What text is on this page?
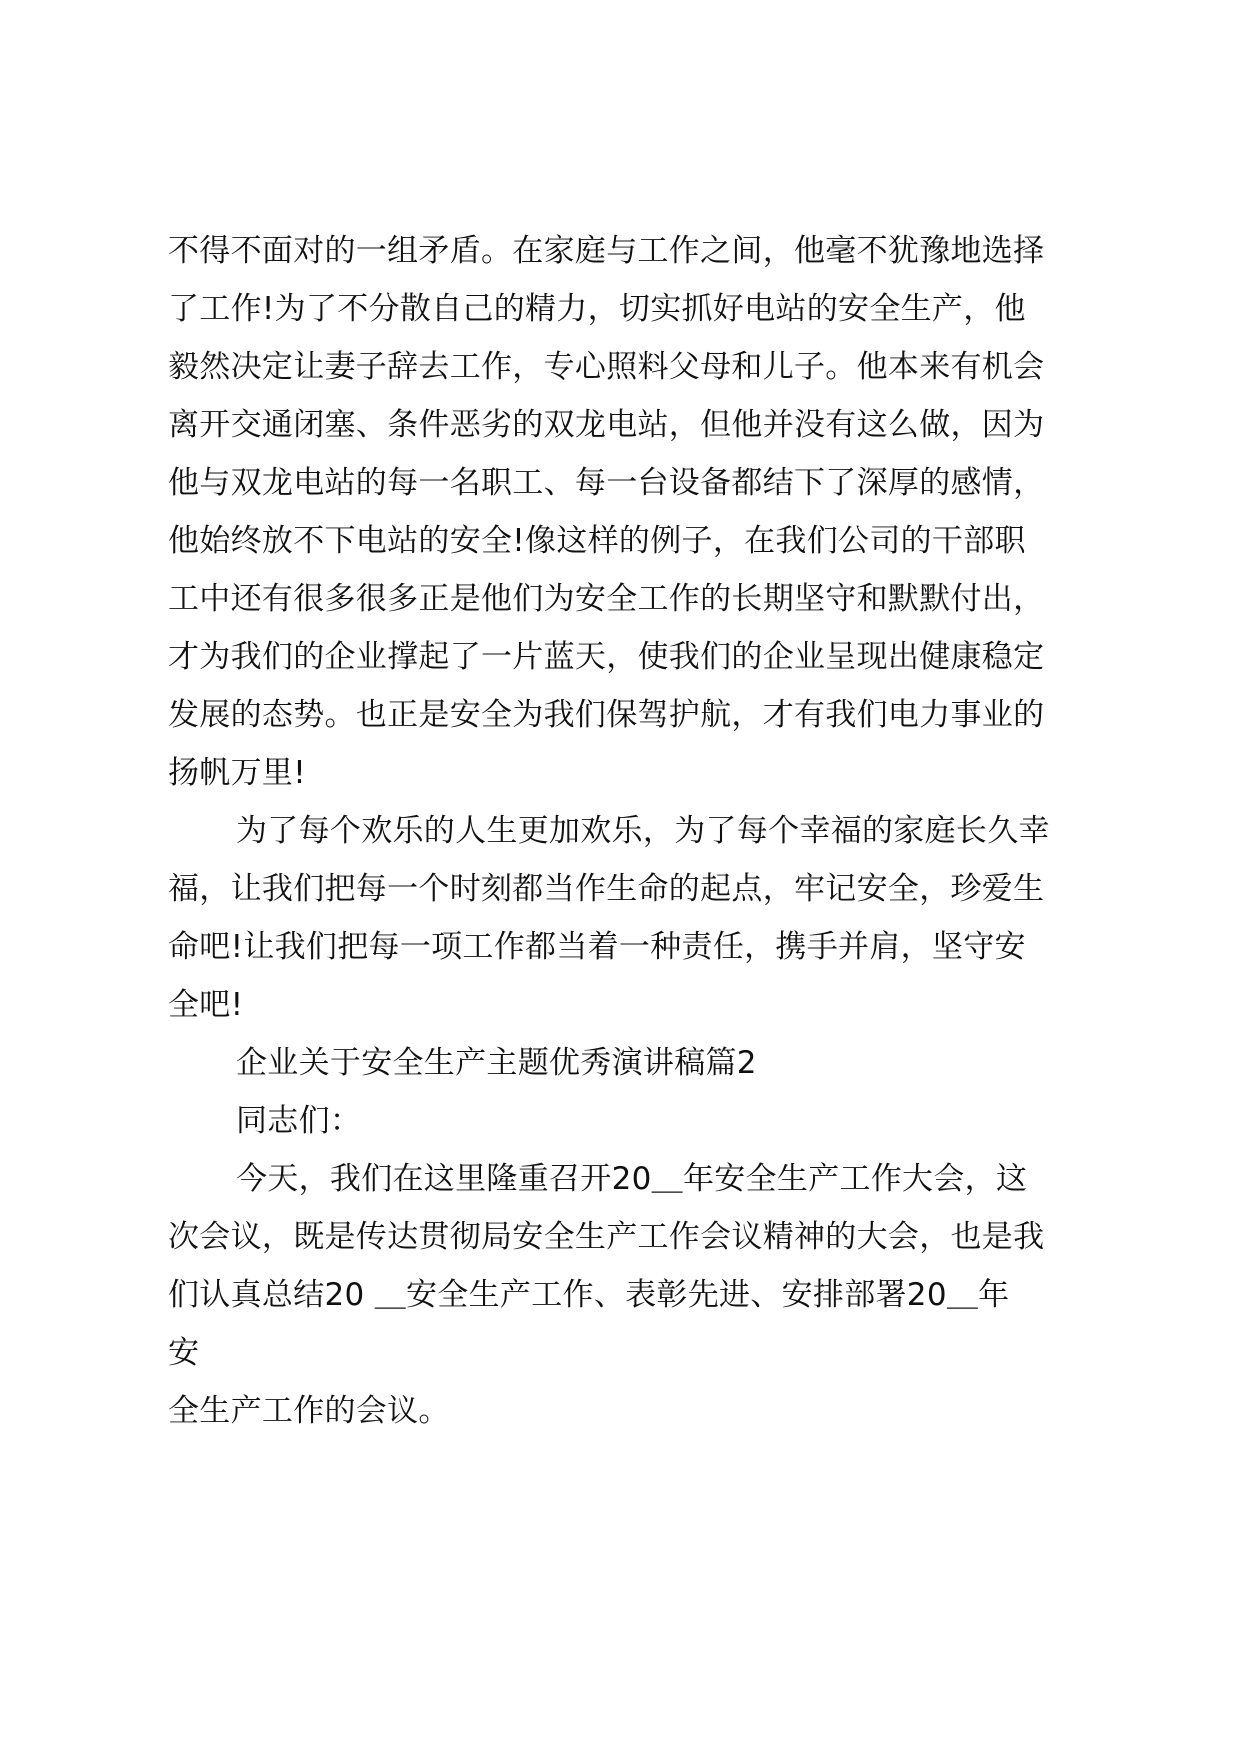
不得不面对的一组矛盾。在家庭与工作之间，他毫不犹豫地选择
了工作!为了不分散自己的精力，切实抓好电站的安全生产，他
毅然决定让妻子辞去工作，专心照料父母和儿子。他本来有机会
离开交通闭塞、条件恶劣的双龙电站，但他并没有这么做，因为
他与双龙电站的每一名职工、每一台设备都结下了深厚的感情，
他始终放不下电站的安全!像这样的例子，在我们公司的干部职
工中还有很多很多正是他们为安全工作的长期坚守和默默付出，
才为我们的企业撑起了一片蓝天，使我们的企业呈现出健康稳定
发展的态势。也正是安全为我们保驾护航，才有我们电力事业的
扬帆万里!
为了每个欢乐的人生更加欢乐，为了每个幸福的家庭长久幸
福，让我们把每一个时刻都当作生命的起点，牢记安全，珍爱生
命吧!让我们把每一项工作都当着一种责任，携手并肩，坚守安
全吧!
企业关于安全生产主题优秀演讲稿篇2
同志们：
今天，我们在这里隆重召开20＿年安全生产工作大会，这
次会议，既是传达贯彻局安全生产工作会议精神的大会，也是我
们认真总结20 ＿安全生产工作、表彰先进、安排部署20＿年
安
全生产工作的会议。
